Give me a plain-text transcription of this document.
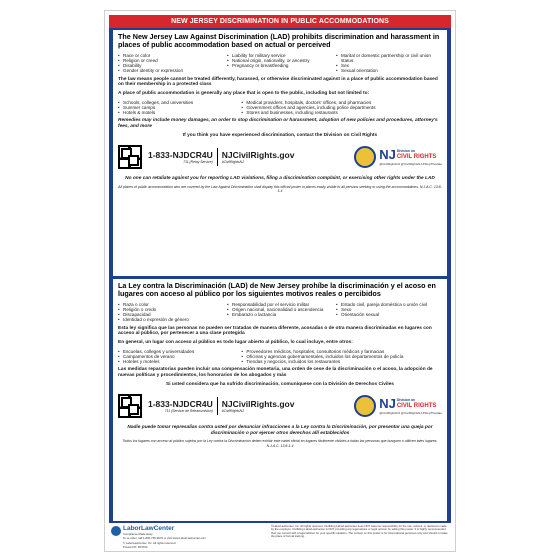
NEW JERSEY DISCRIMINATION IN PUBLIC ACCOMMODATIONS
The New Jersey Law Against Discrimination (LAD) prohibits discrimination and harassment in places of public accommodation based on actual or perceived
• Race or color
• Religion or creed
• Disability
• Gender identity or expression
• Liability for military service
• National origin, nationality, or ancestry
• Pregnancy or breastfeeding
• Marital or domestic partnership or civil union status
• Sex
• Sexual orientation
The law means people cannot be treated differently, harassed, or otherwise discriminated against in a place of public accommodation based on their membership in a protected class
A place of public accommodation is generally any place that is open to the public, including but not limited to:
• Schools, colleges, and universities
• Summer camps
• Hotels & motels
• Medical providers, hospitals, doctors' offices, and pharmacies
• Government offices and agencies, including police departments
• Stores and businesses, including restaurants
Remedies may include money damages, an order to stop discrimination or harassment, adoption of new policies and procedures, attorney's fees, and more
If you think you have experienced discrimination, contact the Division on Civil Rights
1-833-NJDCR4U
711 (Relay Service)
NJCivilRights.gov
#CivilRightsNJ	NJ Division on
CIVIL RIGHTS
@CivilRightsNJ @CivilRightsNJ #StopTheHate
No one can retaliate against you for reporting LAD violations, filing a discrimination complaint, or exercising other rights under the LAD
All places of public accommodation who are covered by the Law Against Discrimination shall display this official poster in places easily visible to all persons seeking or using the accommodations. N.J.A.C. 13:8-1.4
La Ley contra la Discriminación (LAD) de New Jersey prohíbe la discriminación y el acoso en lugares con acceso al público por los siguientes motivos reales o percibidos
• Raza o color
• Religión o credo
• Discapacidad
• Identidad o expresión de género
• Responsabilidad por el servicio militar
• Origen nacional, nacionalidad o ascendencia
• Embarazo o lactancia
• Estado civil, pareja doméstica o unión civil
• Sexo
• Orientación sexual
Esta ley significa que las personas no pueden ser tratadas de manera diferente, acosadas o de otra manera discriminadas en lugares con acceso al público, por pertenecer a una clase protegida
En general, un lugar con acceso al público es todo lugar abierto al público, lo cual incluye, entre otros:
• Escuelas, colleges y universidades
• Campamentos de verano
• Hoteles y moteles
• Proveedores médicos, hospitales, consultorios médicos y farmacias
• Oficinas y agencias gubernamentales, incluidos los departamentos de policía
• Tiendas y negocios, incluidos los restaurantes
Las medidas reparatorias pueden incluir una compensación monetaria, una orden de cese de la discriminación o el acoso, la adopción de nuevas políticas y procedimientos, los honorarios de los abogados y más
Si usted considera que ha sufrido discriminación, comuníquese con la División de Derechos Civiles
1-833-NJDCR4U
711 (Servicio de Retransmisión)
NJCivilRights.gov
#CivilRightsNJ	NJ Division on
CIVIL RIGHTS
@CivilRightsNJ @CivilRightsNJ #StopTheHate
Nadie puede tomar represalias contra usted por denunciar infracciones a la Ley contra la Discriminación, por presentar una queja por discriminación o por ejercer otros derechos allí establecidos
Todos los lugares con acceso al público sujetos por la Ley contra la Discriminación deben exhibir este cartel oficial en lugares fácilmente visibles a todas las personas que busquen o utilicen tales lugares. N.J.A.C. 13:8-1.4
LaborLawCenter
Compliance Made Easy
To re-order, call 1-800-745-9970 or visit www.LaborLawCenter.com
© LaborLawCenter, Inc. All rights reserved.
Product ID: P03760
©LaborLawCenter, Inc. All rights reserved. Outfitting LaborLawCenter does NOT assume responsibility for the use, actions, or decisions made by the employer. Outfitting LaborLawCenter is NOT providing any legal advice or legal opinion by selling this poster. It is highly recommended that you consult with a legal advisor for your specific situation. The content on this poster is for informational purposes only and should not take the place of formal training.
